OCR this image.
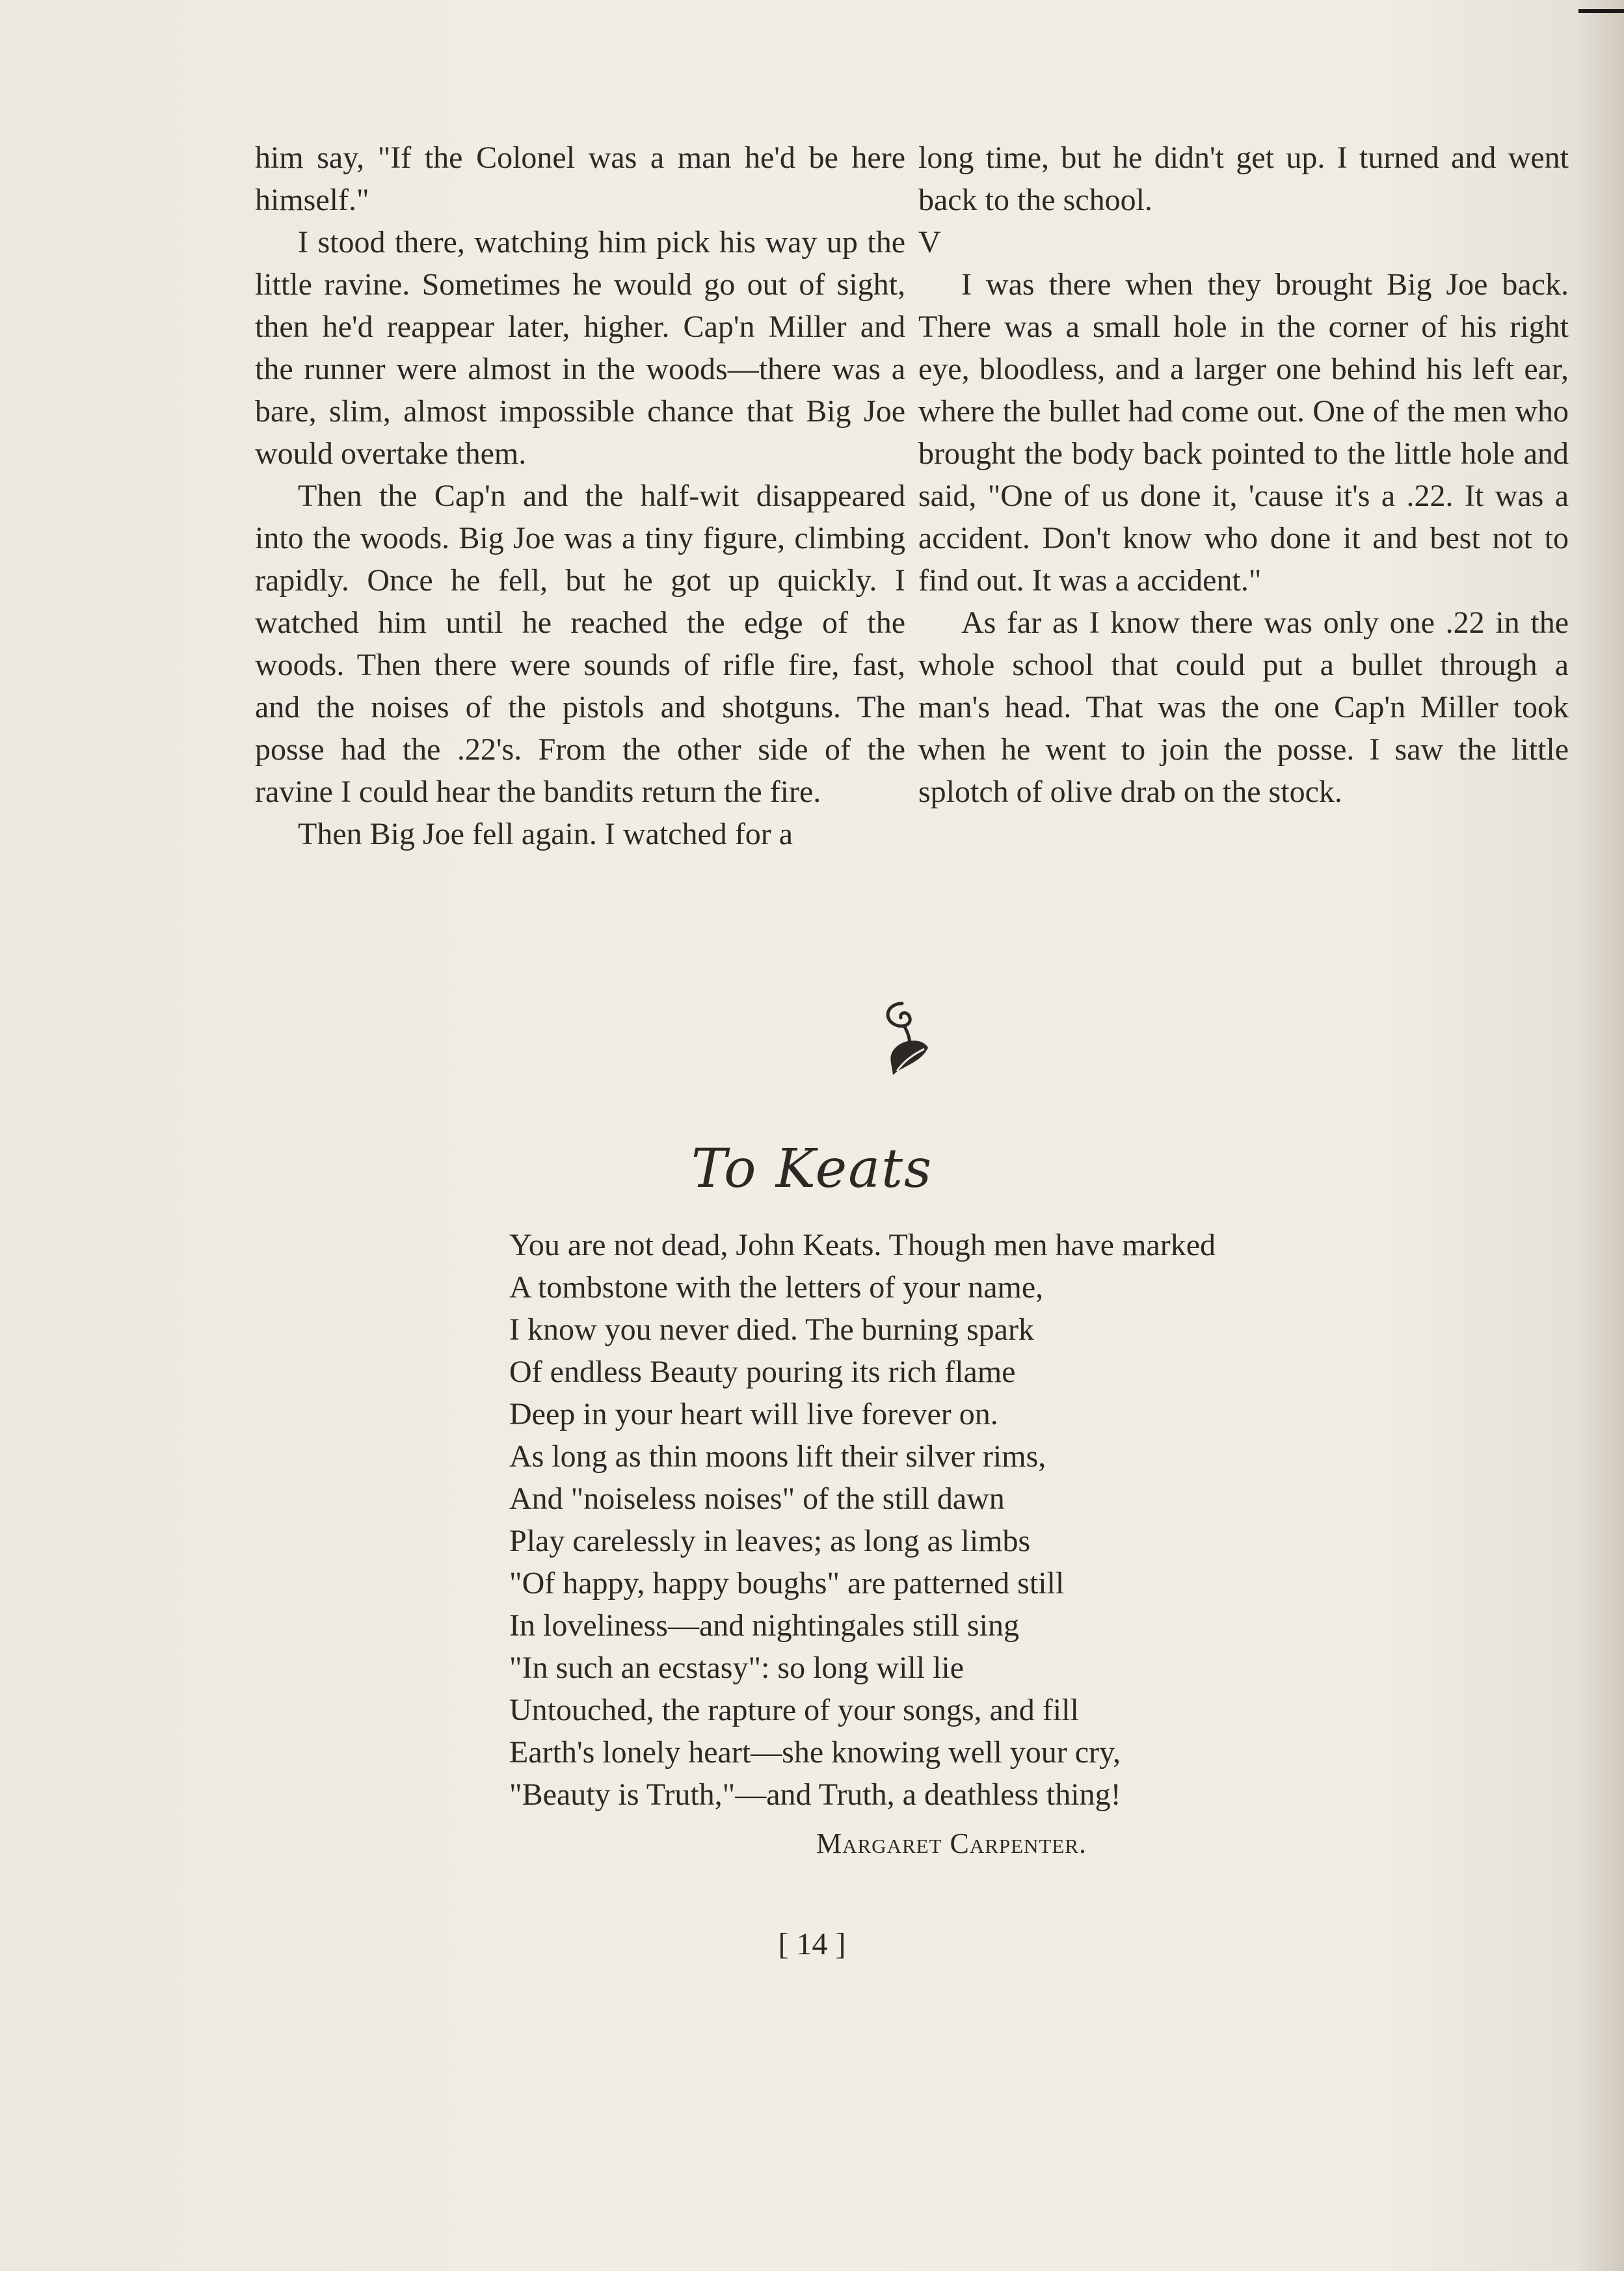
him say, "If the Colonel was a man he'd be here himself."

I stood there, watching him pick his way up the little ravine. Sometimes he would go out of sight, then he'd reappear later, higher. Cap'n Miller and the runner were almost in the woods—there was a bare, slim, almost impossible chance that Big Joe would overtake them.

Then the Cap'n and the half-wit disappeared into the woods. Big Joe was a tiny figure, climbing rapidly. Once he fell, but he got up quickly. I watched him until he reached the edge of the woods. Then there were sounds of rifle fire, fast, and the noises of the pistols and shotguns. The posse had the .22's. From the other side of the ravine I could hear the bandits return the fire.

Then Big Joe fell again. I watched for a

long time, but he didn't get up. I turned and went back to the school.

V

I was there when they brought Big Joe back. There was a small hole in the corner of his right eye, bloodless, and a larger one behind his left ear, where the bullet had come out. One of the men who brought the body back pointed to the little hole and said, "One of us done it, 'cause it's a .22. It was a accident. Don't know who done it and best not to find out. It was a accident."

As far as I know there was only one .22 in the whole school that could put a bullet through a man's head. That was the one Cap'n Miller took when he went to join the posse. I saw the little splotch of olive drab on the stock.

To Keats
You are not dead, John Keats. Though men have marked
A tombstone with the letters of your name,
I know you never died. The burning spark
Of endless Beauty pouring its rich flame
Deep in your heart will live forever on.
As long as thin moons lift their silver rims,
And "noiseless noises" of the still dawn
Play carelessly in leaves; as long as limbs
"Of happy, happy boughs" are patterned still
In loveliness—and nightingales still sing
"In such an ecstasy": so long will lie
Untouched, the rapture of your songs, and fill
Earth's lonely heart—she knowing well your cry,
"Beauty is Truth,"—and Truth, a deathless thing!
Margaret Carpenter.
[ 14 ]
